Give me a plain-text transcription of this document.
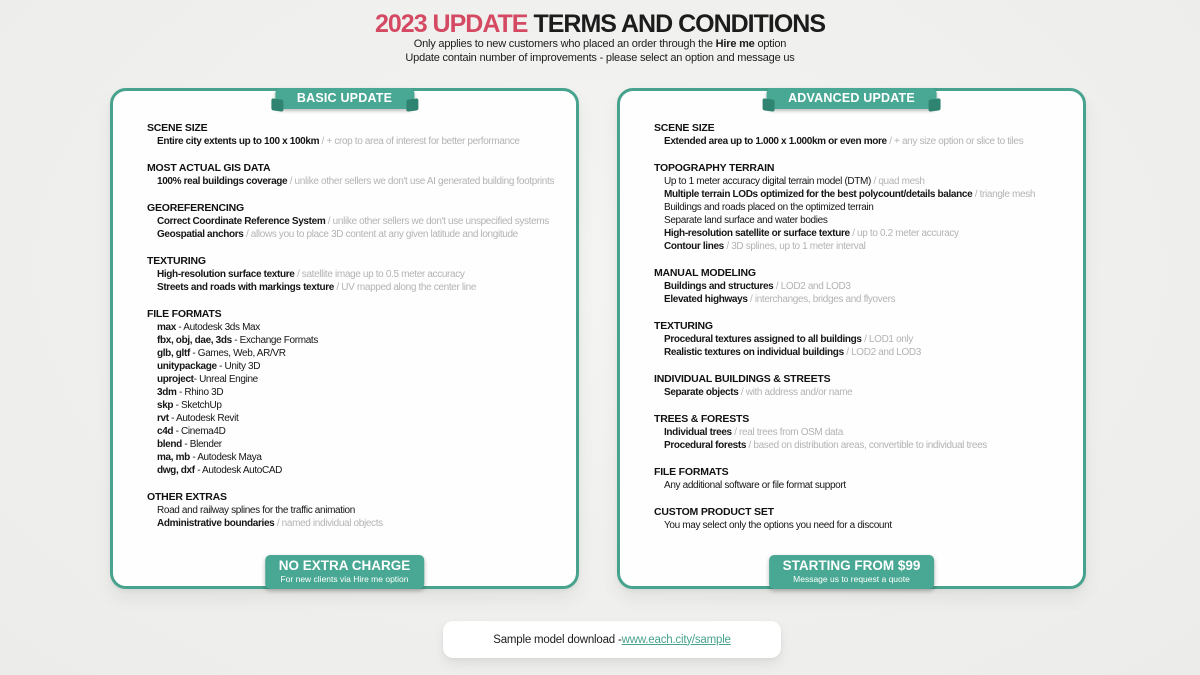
2023 UPDATE TERMS AND CONDITIONS

Only applies to new customers who placed an order through the Hire me option

Update contain number of improvements - please select an option and message us

BASIC UPDATE
SCENE SIZE
Entire city extents up to 100 x 100km / + crop to area of interest for better performance
MOST ACTUAL GIS DATA
100% real buildings coverage / unlike other sellers we don't use AI generated building footprints
GEOREFERENCING
Correct Coordinate Reference System / unlike other sellers we don't use unspecified systems
Geospatial anchors / allows you to place 3D content at any given latitude and longitude
TEXTURING
High-resolution surface texture / satellite image up to 0.5 meter accuracy
Streets and roads with markings texture / UV mapped along the center line
FILE FORMATS
max - Autodesk 3ds Max
fbx, obj, dae, 3ds - Exchange Formats
glb, gltf - Games, Web, AR/VR
unitypackage - Unity 3D
uproject- Unreal Engine
3dm - Rhino 3D
skp - SketchUp
rvt - Autodesk Revit
c4d - Cinema4D
blend - Blender
ma, mb - Autodesk Maya
dwg, dxf - Autodesk AutoCAD
OTHER EXTRAS
Road and railway splines for the traffic animation
Administrative boundaries / named individual objects
NO EXTRA CHARGE
For new clients via Hire me option
ADVANCED UPDATE
SCENE SIZE
Extended area up to 1.000 x 1.000km or even more / + any size option or slice to tiles
TOPOGRAPHY TERRAIN
Up to 1 meter accuracy digital terrain model (DTM) / quad mesh
Multiple terrain LODs optimized for the best polycount/details balance / triangle mesh
Buildings and roads placed on the optimized terrain
Separate land surface and water bodies
High-resolution satellite or surface texture / up to 0.2 meter accuracy
Contour lines / 3D splines, up to 1 meter interval
MANUAL MODELING
Buildings and structures / LOD2 and LOD3
Elevated highways / interchanges, bridges and flyovers
TEXTURING
Procedural textures assigned to all buildings / LOD1 only
Realistic textures on individual buildings / LOD2 and LOD3
INDIVIDUAL BUILDINGS & STREETS
Separate objects / with address and/or name
TREES & FORESTS
Individual trees / real trees from OSM data
Procedural forests / based on distribution areas, convertible to individual trees
FILE FORMATS
Any additional software or file format support
CUSTOM PRODUCT SET
You may select only the options you need for a discount
STARTING FROM $99
Message us to request a quote
Sample model download - www.each.city/sample
